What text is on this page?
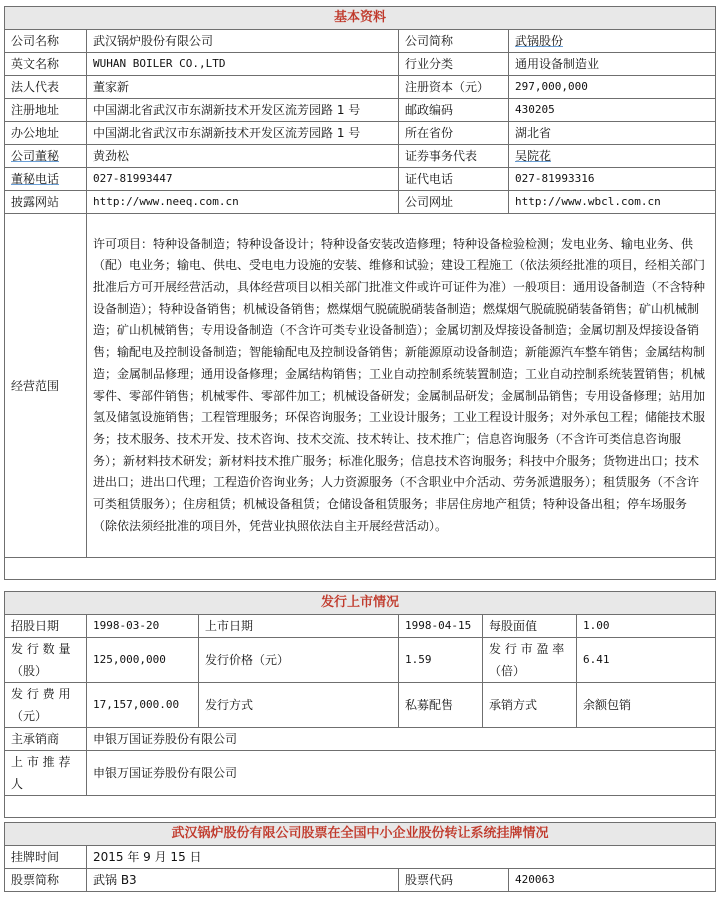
基本资料			
公司名称	武汉锅炉股份有限公司	公司简称	武锅股份
英文名称	WUHAN BOILER CO.,LTD	行业分类	通用设备制造业
法人代表	董家新	注册资本（元）	297,000,000
注册地址	中国湖北省武汉市东湖新技术开发区流芳园路 1 号	邮政编码	430205
办公地址	中国湖北省武汉市东湖新技术开发区流芳园路 1 号	所在省份	湖北省
公司董秘	黄劲松	证券事务代表	吴院花
董秘电话	027-81993447	证代电话	027-81993316
披露网站	http://www.neeq.com.cn	公司网址	http://www.wbcl.com.cn
经营范围	许可项目：特种设备制造；特种设备设计；特种设备安装改造修理；特种设备检验检测；发电业务、输电业务、供（配）电业务；输电、供电、受电电力设施的安装、维修和试验；建设工程施工（依法须经批准的项目，经相关部门批准后方可开展经营活动，具体经营项目以相关部门批准文件或许可证件为准）一般项目：通用设备制造（不含特种设备制造）；特种设备销售；机械设备销售；燃煤烟气脱硫脱硝装备制造；燃煤烟气脱硫脱硝装备销售；矿山机械制造；矿山机械销售；专用设备制造（不含许可类专业设备制造）；金属切割及焊接设备制造；金属切割及焊接设备销售；输配电及控制设备制造；智能输配电及控制设备销售；新能源原动设备制造；新能源汽车整车销售；金属结构制造；金属制品修理；通用设备修理；金属结构销售；工业自动控制系统装置制造；工业自动控制系统装置销售；机械零件、零部件销售；机械零件、零部件加工；机械设备研发；金属制品研发；金属制品销售；专用设备修理；站用加氢及储氢设施销售；工程管理服务；环保咨询服务；工业设计服务；工业工程设计服务；对外承包工程；储能技术服务；技术服务、技术开发、技术咨询、技术交流、技术转让、技术推广；信息咨询服务（不含许可类信息咨询服务）；新材料技术研发；新材料技术推广服务；标准化服务；信息技术咨询服务；科技中介服务；货物进出口；技术进出口；进出口代理；工程造价咨询业务；人力资源服务（不含职业中介活动、劳务派遣服务）；租赁服务（不含许可类租赁服务）；住房租赁；机械设备租赁；仓储设备租赁服务；非居住房地产租赁；特种设备出租；停车场服务（除依法须经批准的项目外，凭营业执照依法自主开展经营活动）。		

发行上市情况					
招股日期	1998-03-20	上市日期	1998-04-15	每股面值	1.00
发 行 数 量（股）	125,000,000	发行价格（元）	1.59	发 行 市 盈 率（倍）	6.41
发 行 费 用（元）	17,157,000.00	发行方式	私募配售	承销方式	余额包销
主承销商	申银万国证券股份有限公司				
上 市 推 荐人	申银万国证券股份有限公司				

武汉锅炉股份有限公司股票在全国中小企业股份转让系统挂牌情况			
挂牌时间	2015 年 9 月 15 日		
股票简称	武锅 B3	股票代码	420063
